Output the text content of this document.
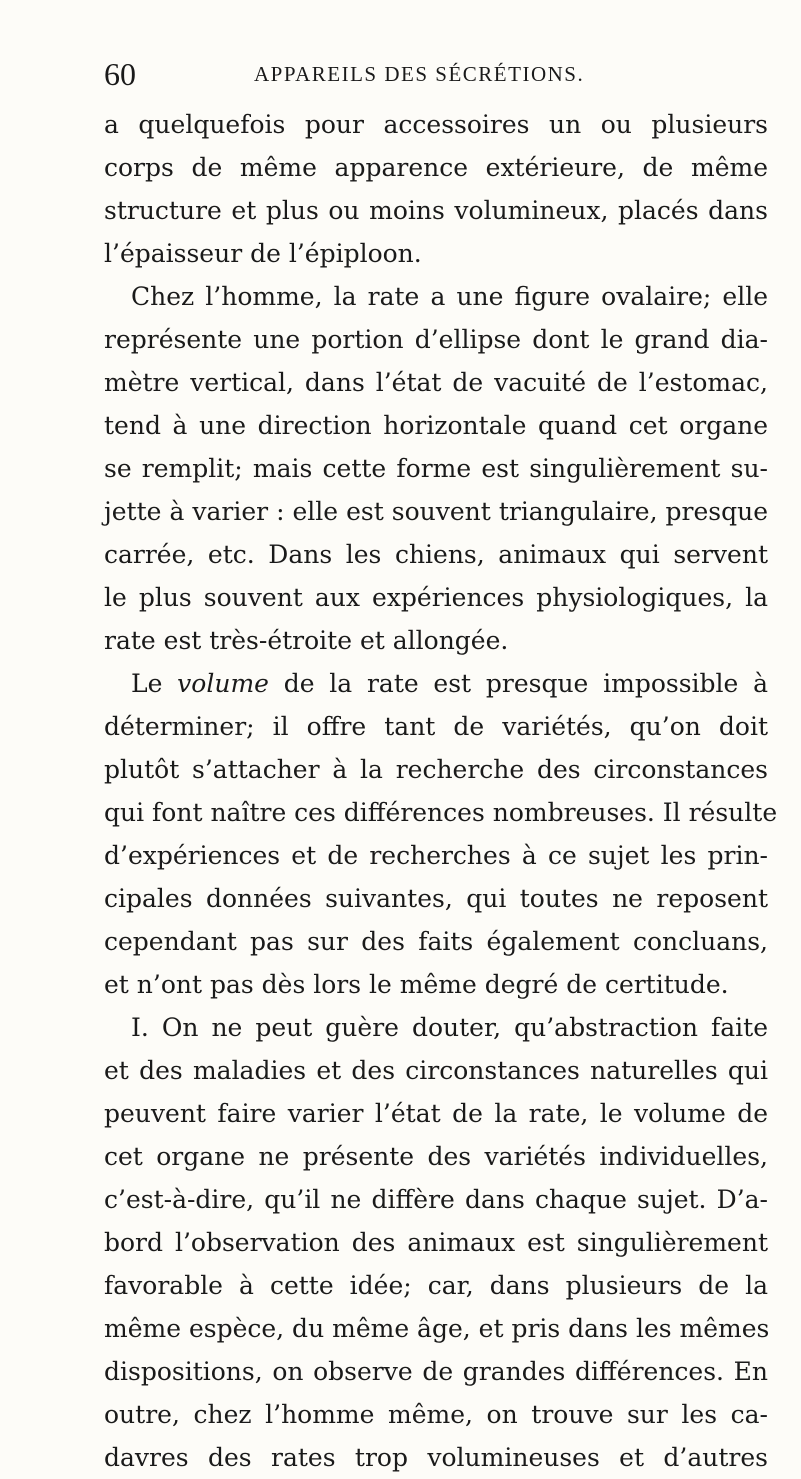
60	APPAREILS DES SÉCRÉTIONS.
a quelquefois pour accessoires un ou plusieurs
corps de même apparence extérieure, de même
structure et plus ou moins volumineux, placés dans
l’épaisseur de l’épiploon.
Chez l’homme, la rate a une figure ovalaire; elle
représente une portion d’ellipse dont le grand dia-
mètre vertical, dans l’état de vacuité de l’estomac,
tend à une direction horizontale quand cet organe
se remplit; mais cette forme est singulièrement su-
jette à varier : elle est souvent triangulaire, presque
carrée, etc. Dans les chiens, animaux qui servent
le plus souvent aux expériences physiologiques, la
rate est très-étroite et allongée.
Le volume de la rate est presque impossible à
déterminer; il offre tant de variétés, qu’on doit
plutôt s’attacher à la recherche des circonstances
qui font naître ces différences nombreuses. Il résulte
d’expériences et de recherches à ce sujet les prin-
cipales données suivantes, qui toutes ne reposent
cependant pas sur des faits également concluans,
et n’ont pas dès lors le même degré de certitude.
I. On ne peut guère douter, qu’abstraction faite
et des maladies et des circonstances naturelles qui
peuvent faire varier l’état de la rate, le volume de
cet organe ne présente des variétés individuelles,
c’est-à-dire, qu’il ne diffère dans chaque sujet. D’a-
bord l’observation des animaux est singulièrement
favorable à cette idée; car, dans plusieurs de la
même espèce, du même âge, et pris dans les mêmes
dispositions, on observe de grandes différences. En
outre, chez l’homme même, on trouve sur les ca-
davres des rates trop volumineuses et d’autres
